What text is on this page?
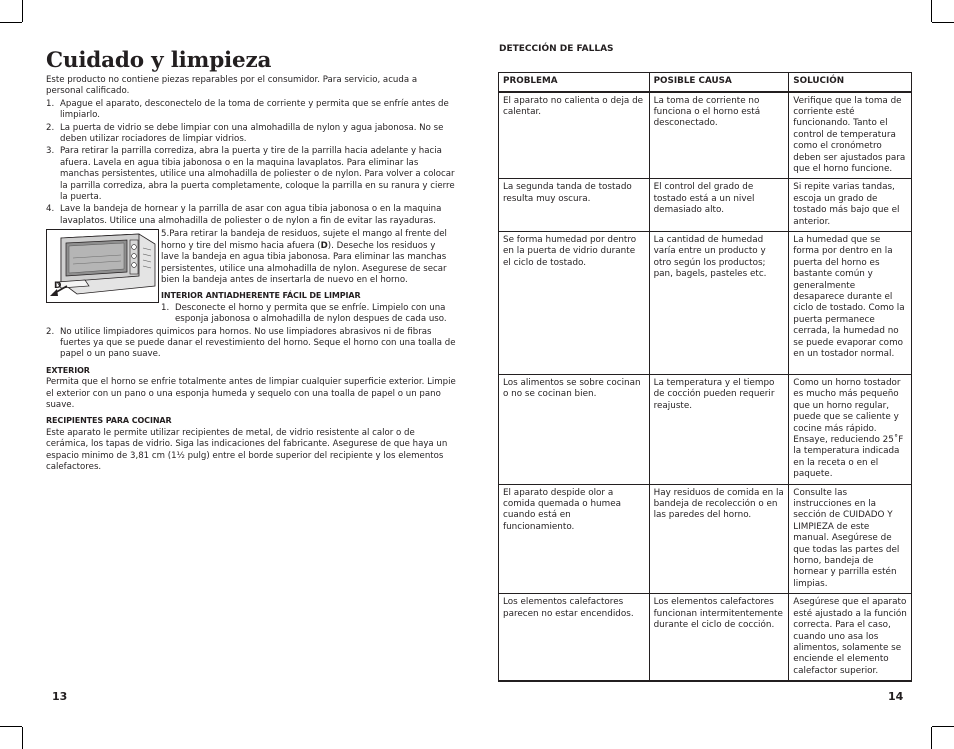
Cuidado y limpieza

Este producto no contiene piezas reparables por el consumidor. Para servicio, acuda a personal calificado.

1. Apague el aparato, desconectelo de la toma de corriente y permita que se enfríe antes de limpiarlo.
2. La puerta de vidrio se debe limpiar con una almohadilla de nylon y agua jabonosa. No se deben utilizar rociadores de limpiar vidrios.
3. Para retirar la parrilla corrediza, abra la puerta y tire de la parrilla hacia adelante y hacia afuera. Lavela en agua tibia jabonosa o en la maquina lavaplatos. Para eliminar las manchas persistentes, utilice una almohadilla de poliester o de nylon. Para volver a colocar la parrilla corrediza, abra la puerta completamente, coloque la parrilla en su ranura y cierre la puerta.
4. Lave la bandeja de hornear y la parrilla de asar con agua tibia jabonosa o en la maquina lavaplatos. Utilice una almohadilla de poliester o de nylon a fin de evitar las rayaduras.
D
5.Para retirar la bandeja de residuos, sujete el mango al frente del horno y tire del mismo hacia afuera (D). Deseche los residuos y lave la bandeja en agua tibia jabonosa. Para eliminar las manchas persistentes, utilice una almohadilla de nylon. Asegurese de secar bien la bandeja antes de insertarla de nuevo en el horno.
INTERIOR ANTIADHERENTE FÁCIL DE LIMPIAR
1. Desconecte el horno y permita que se enfríe. Limpielo con una esponja jabonosa o almohadilla de nylon despues de cada uso.
2. No utilice limpiadores quimicos para hornos. No use limpiadores abrasivos ni de fibras fuertes ya que se puede danar el revestimiento del horno. Seque el horno con una toalla de papel o un pano suave.
EXTERIOR

Permita que el horno se enfrie totalmente antes de limpiar cualquier superficie exterior. Limpie el exterior con un pano o una esponja humeda y sequelo con una toalla de papel o un pano suave.

RECIPIENTES PARA COCINAR

Este aparato le permite utilizar recipientes de metal, de vidrio resistente al calor o de cerámica, los tapas de vidrio. Siga las indicaciones del fabricante. Asegurese de que haya un espacio minimo de 3,81 cm (1½ pulg) entre el borde superior del recipiente y los elementos calefactores.

13
DETECCIÓN DE FALLAS
PROBLEMA	POSIBLE CAUSA	SOLUCIÓN
El aparato no calienta o deja de calentar.	La toma de corriente no funciona o el horno está desconectado.	Verifique que la toma de corriente esté funcionando. Tanto el control de temperatura como el cronómetro deben ser ajustados para que el horno funcione.
La segunda tanda de tostado resulta muy oscura.	El control del grado de tostado está a un nivel demasiado alto.	Si repite varias tandas, escoja un grado de tostado más bajo que el anterior.
Se forma humedad por dentro en la puerta de vidrio durante el ciclo de tostado.	La cantidad de humedad varía entre un producto y otro según los productos; pan, bagels, pasteles etc.	La humedad que se forma por dentro en la puerta del horno es bastante común y generalmente desaparece durante el ciclo de tostado. Como la puerta permanece cerrada, la humedad no se puede evaporar como en un tostador normal.
Los alimentos se sobre cocinan o no se cocinan bien.	La temperatura y el tiempo de cocción pueden requerir reajuste.	Como un horno tostador es mucho más pequeño que un horno regular, puede que se caliente y cocine más rápido. Ensaye, reduciendo 25˚F la temperatura indicada en la receta o en el paquete.
El aparato despide olor a comida quemada o humea cuando está en funcionamiento.	Hay residuos de comida en la bandeja de recolección o en las paredes del horno.	Consulte las instrucciones en la sección de CUIDADO Y LIMPIEZA de este manual. Asegúrese de que todas las partes del horno, bandeja de hornear y parrilla estén limpias.
Los elementos calefactores parecen no estar encendidos.	Los elementos calefactores funcionan intermitentemente durante el ciclo de cocción.	Asegúrese que el aparato esté ajustado a la función correcta. Para el caso, cuando uno asa los alimentos, solamente se enciende el elemento calefactor superior.
14
